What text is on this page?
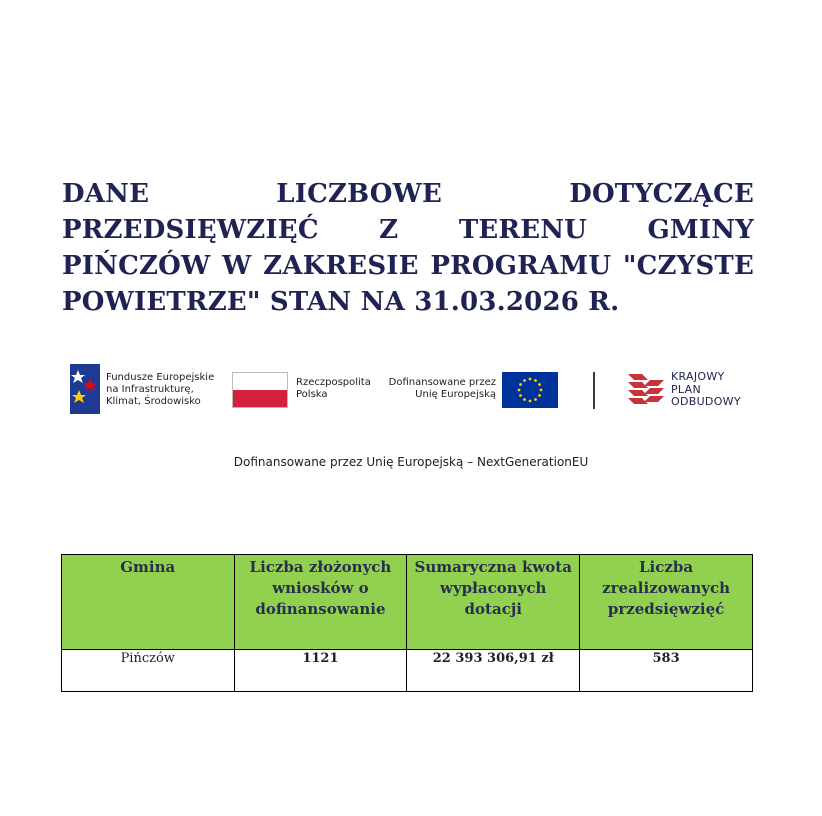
DANE LICZBOWE DOTYCZĄCE PRZEDSIĘWZIĘĆ Z TERENU GMINY PIŃCZÓW W ZAKRESIE PROGRAMU "CZYSTE POWIETRZE" STAN NA 31.03.2026 R.
Fundusze Europejskie
na Infrastrukturę,
Klimat, Środowisko
Rzeczpospolita
Polska
Dofinansowane przez
Unię Europejską
KRAJOWY
PLAN
ODBUDOWY
Dofinansowane przez Unię Europejską – NextGenerationEU
Gmina	Liczba złożonych wniosków o dofinansowanie	Sumaryczna kwota wypłaconych dotacji	Liczba zrealizowanych przedsięwzięć
Pińczów	1121	22 393 306,91 zł	583
